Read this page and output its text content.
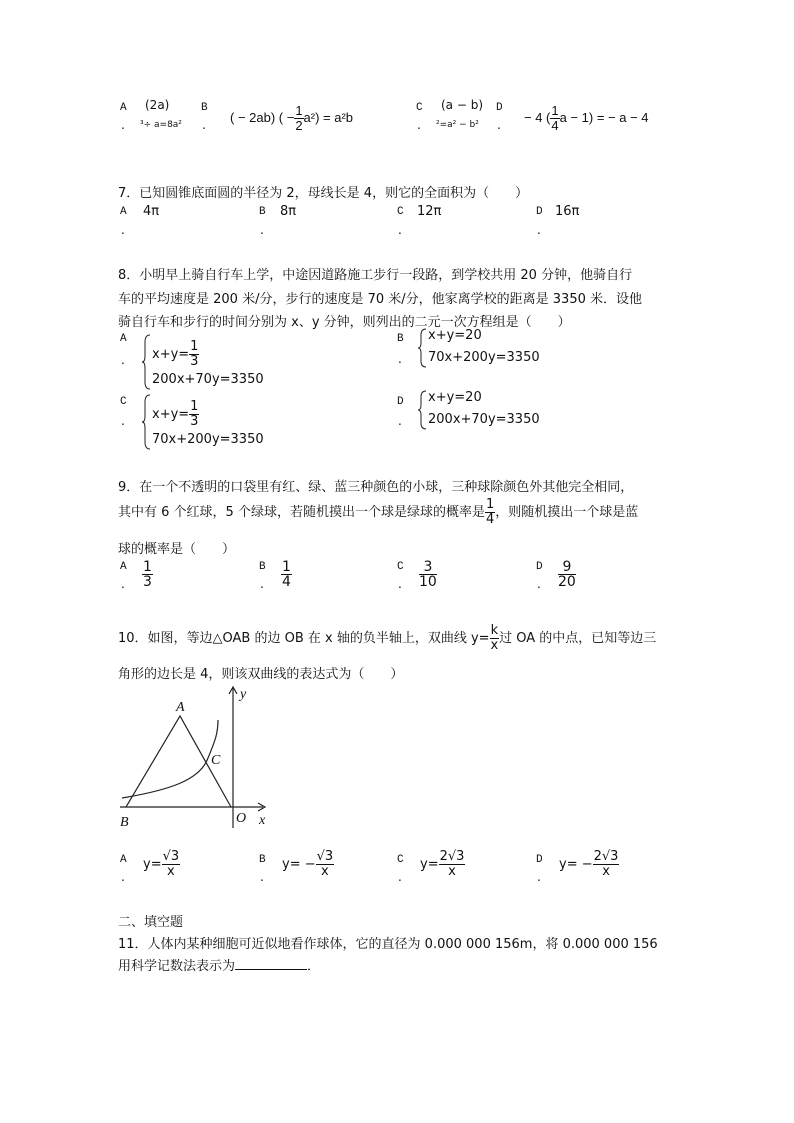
A
.
(2a)
³÷ a=8a²
B
.
( − 2ab) ( − $\frac{1}{2} a^2) = a^2b$
C
.
(a − b)
²=a² − b²
D
.
− 4 ( $\frac{1}{4}$ a − 1) = − a − 4
7．已知圆锥底面圆的半径为 2，母线长是 4，则它的全面积为（　　）
A 4π
.
B 8π
.
C 12π
.
D 16π
.
8．小明早上骑自行车上学，中途因道路施工步行一段路，到学校共用 20 分钟，他骑自行
车的平均速度是 200 米/分，步行的速度是 70 米/分，他家离学校的距离是 3350 米．设他
骑自行车和步行的时间分别为 x、y 分钟，则列出的二元一次方程组是（　　）
A
. $x+y= \frac{1}{3}$
200x+70y=3350
B
.
x+y=20
70x+200y=3350
C
. $x+y= \frac{1}{3}$
70x+200y=3350
D
.
x+y=20
200x+70y=3350
9．在一个不透明的口袋里有红、绿、蓝三种颜色的小球，三种球除颜色外其他完全相同，
其中有 6 个红球，5 个绿球，若随机摸出一个球是绿球的概率是 $\frac{1}{4}$ ，则随机摸出一个球是蓝
球的概率是（　　）
A
. $\frac{1}{3}$	B
. $\frac{1}{4}$	C
. $\frac{3}{10}$	D
. $\frac{9}{20}$
10．如图，等边△OAB 的边 OB 在 x 轴的负半轴上，双曲线 $y= \frac{k}{x}$ 过 OA 的中点，已知等边三
角形的边长是 4，则该双曲线的表达式为（　　）
A
B
C
O x
y
A
.
$y= \frac{√3}{x}$	B
.
$y= - \frac{√3}{x}$	C
.
$y= \frac{2√3}{x}$	D
.
$y= - \frac{2√3}{x}$
二、填空题
11．人体内某种细胞可近似地看作球体，它的直径为 0.000 000 156m，将 0.000 000 156
用科学记数法表示为	．
